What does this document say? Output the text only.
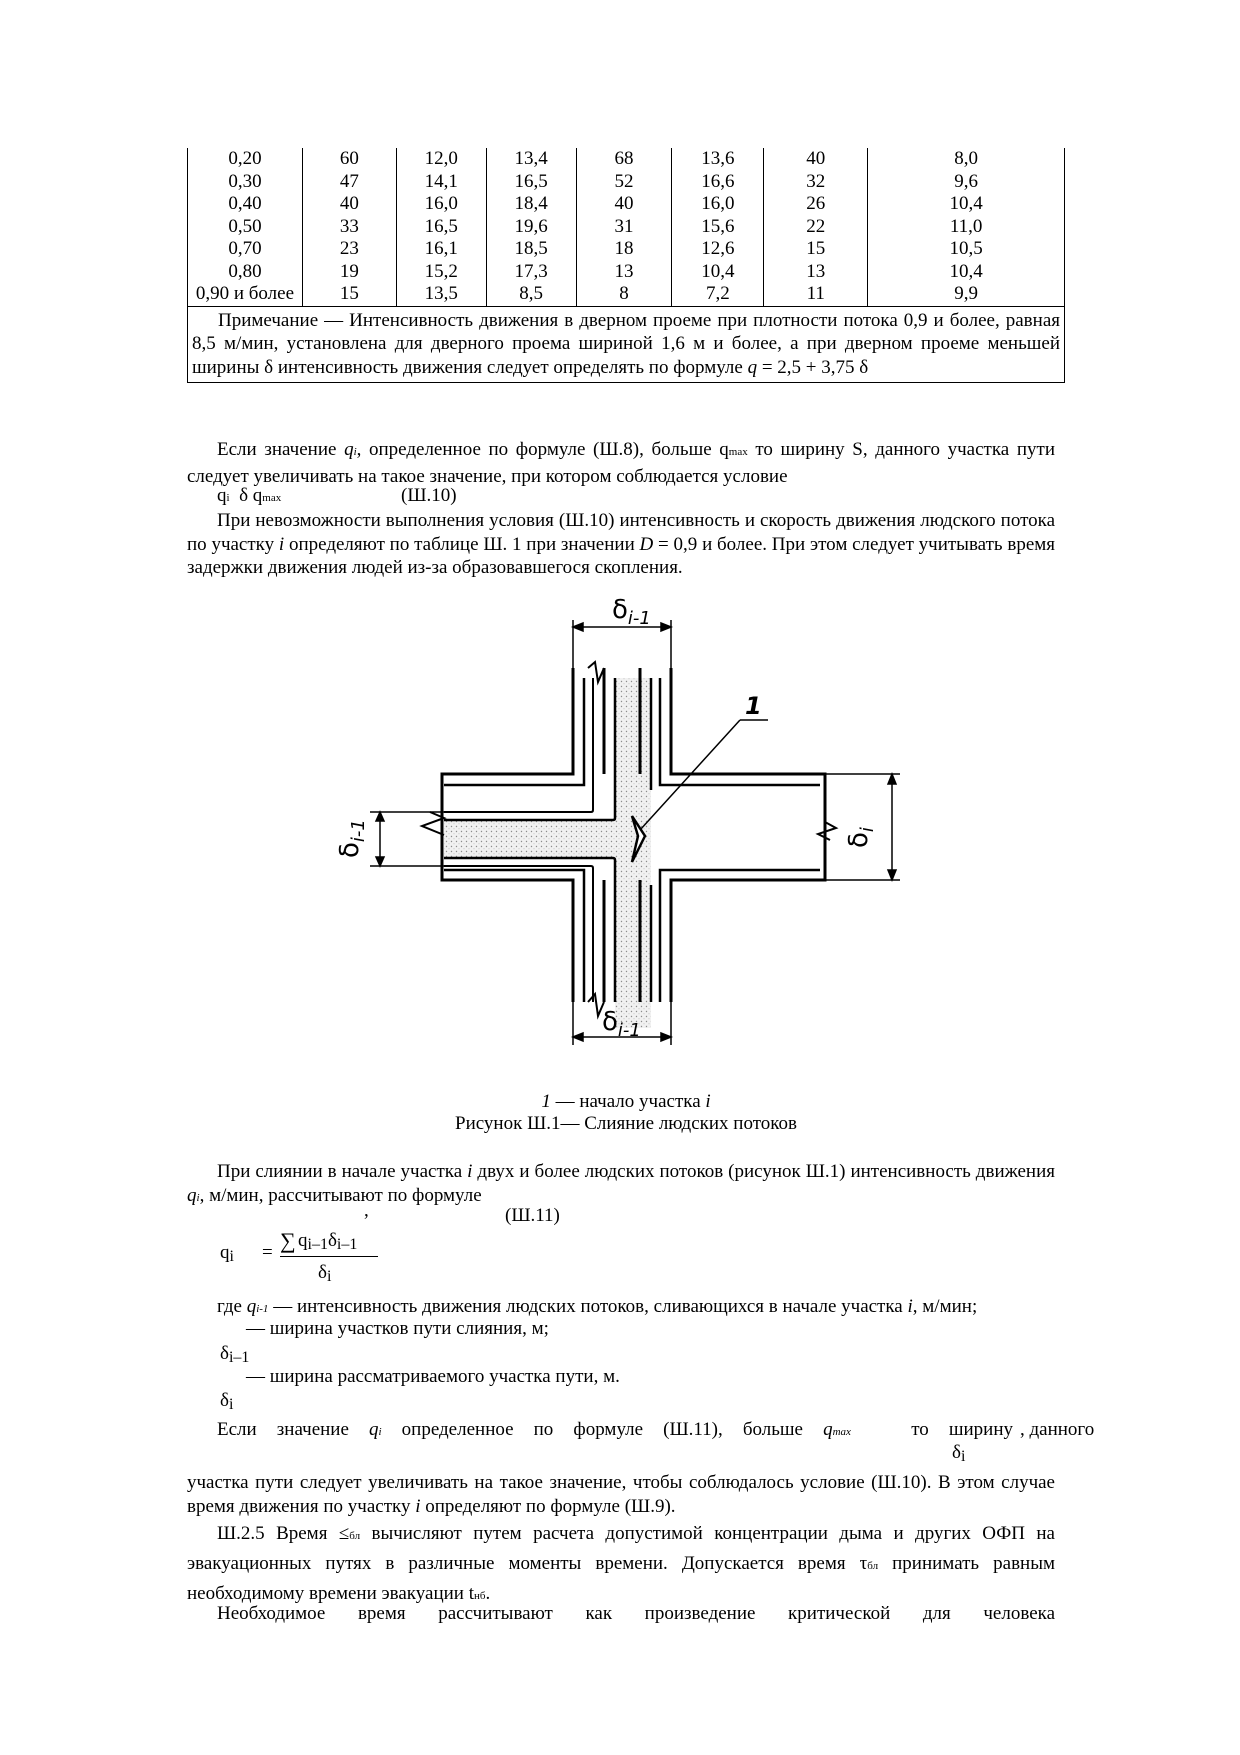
0,20	60	12,0	13,4	68	13,6	40	8,0
0,30	47	14,1	16,5	52	16,6	32	9,6
0,40	40	16,0	18,4	40	16,0	26	10,4
0,50	33	16,5	19,6	31	15,6	22	11,0
0,70	23	16,1	18,5	18	12,6	15	10,5
0,80	19	15,2	17,3	13	10,4	13	10,4
0,90 и более	15	13,5	8,5	8	7,2	11	9,9
Примечание — Интенсивность движения в дверном проеме при плотности потока 0,9 и более, равная 8,5 м/мин, установлена для дверного проема шириной 1,6 м и более, а при дверном проеме меньшей ширины δ интенсивность движения следует определять по формуле q = 2,5 + 3,75 δ							

Если значение qi, определенное по формуле (Ш.8), больше qmax то ширину S, данного участка пути следует увеличивать на такое значение, при котором соблюдается условие

qi δ qmax	(Ш.10)

При невозможности выполнения условия (Ш.10) интенсивность и скорость движения людского потока по участку i определяют по таблице Ш. 1 при значении D = 0,9 и более. При этом следует учитывать время задержки движения людей из-за образовавшегося скопления.

1
$\delta_{i-1}$
$\delta_{i-1}$
$\delta_{i-1}$	$\delta_i$
1 — начало участка i
Рисунок Ш.1— Слияние людских потоков

При слиянии в начале участка i двух и более людских потоков (рисунок Ш.1) интенсивность движения qi, м/мин, рассчитывают по формуле

,	(Ш.11)
qi = ∑ qi–1δi–1
δi
где qi-1 — интенсивность движения людских потоков, сливающихся в начале участка i, м/мин;
— ширина участков пути слияния, м;
δi–1
— ширина рассматриваемого участка пути, м.
δi
Если значение qi определенное по формуле (Ш.11), больше qmax   то ширину , данного
δi

участка пути следует увеличивать на такое значение, чтобы соблюдалось условие (Ш.10). В этом случае время движения по участку i определяют по формуле (Ш.9).

Ш.2.5 Время ≤бл вычисляют путем расчета допустимой концентрации дыма и других ОФП на эвакуационных путях в различные моменты времени. Допускается время τбл принимать равным необходимому времени эвакуации tнб.

Необходимое время рассчитывают как произведение критической для человека
